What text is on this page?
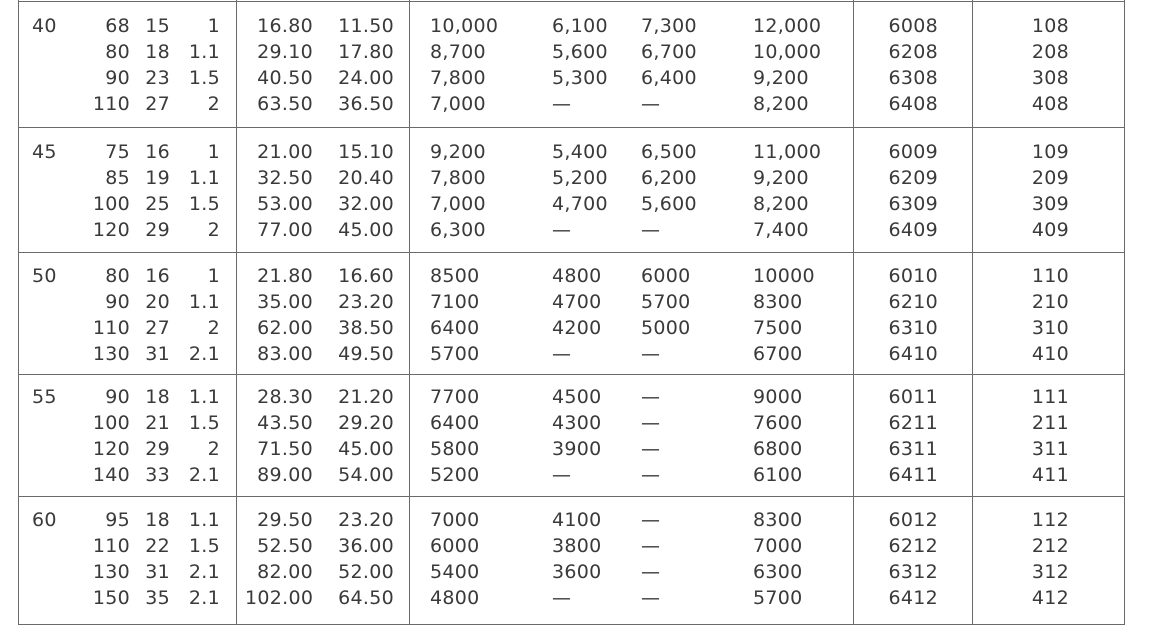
40	68 15	1	16.80	11.50 10,000	6,100	7,300	12,000	6008	108
80 18 1.1	29.10	17.80 8,700	5,600	6,700	10,000	6208	208
90 23 1.5	40.50	24.00 7,800	5,300	6,400	9,200	6308	308
110 27	2	63.50	36.50 7,000	—	—	8,200	6408	408
45	75 16	1	21.00	15.10 9,200	5,400	6,500	11,000	6009	109
85 19 1.1	32.50	20.40 7,800	5,200	6,200	9,200	6209	209
100 25 1.5	53.00	32.00 7,000	4,700	5,600	8,200	6309	309
120 29	2	77.00	45.00 6,300	—	—	7,400	6409	409
50	80 16	1	21.80	16.60 8500	4800	6000	10000	6010	110
90 20 1.1	35.00	23.20 7100	4700	5700	8300	6210	210
110 27	2	62.00	38.50 6400	4200	5000	7500	6310	310
130 31 2.1	83.00	49.50 5700	—	—	6700	6410	410
55	90 18 1.1	28.30	21.20 7700	4500	—	9000	6011	111
100 21 1.5	43.50	29.20 6400	4300	—	7600	6211	211
120 29	2	71.50	45.00 5800	3900	—	6800	6311	311
140 33 2.1	89.00	54.00 5200	—	—	6100	6411	411
60	95 18 1.1	29.50	23.20 7000	4100	—	8300	6012	112
110 22 1.5	52.50	36.00 6000	3800	—	7000	6212	212
130 31 2.1	82.00	52.00 5400	3600	—	6300	6312	312
150 35 2.1 102.00	64.50 4800	—	—	5700	6412	412
